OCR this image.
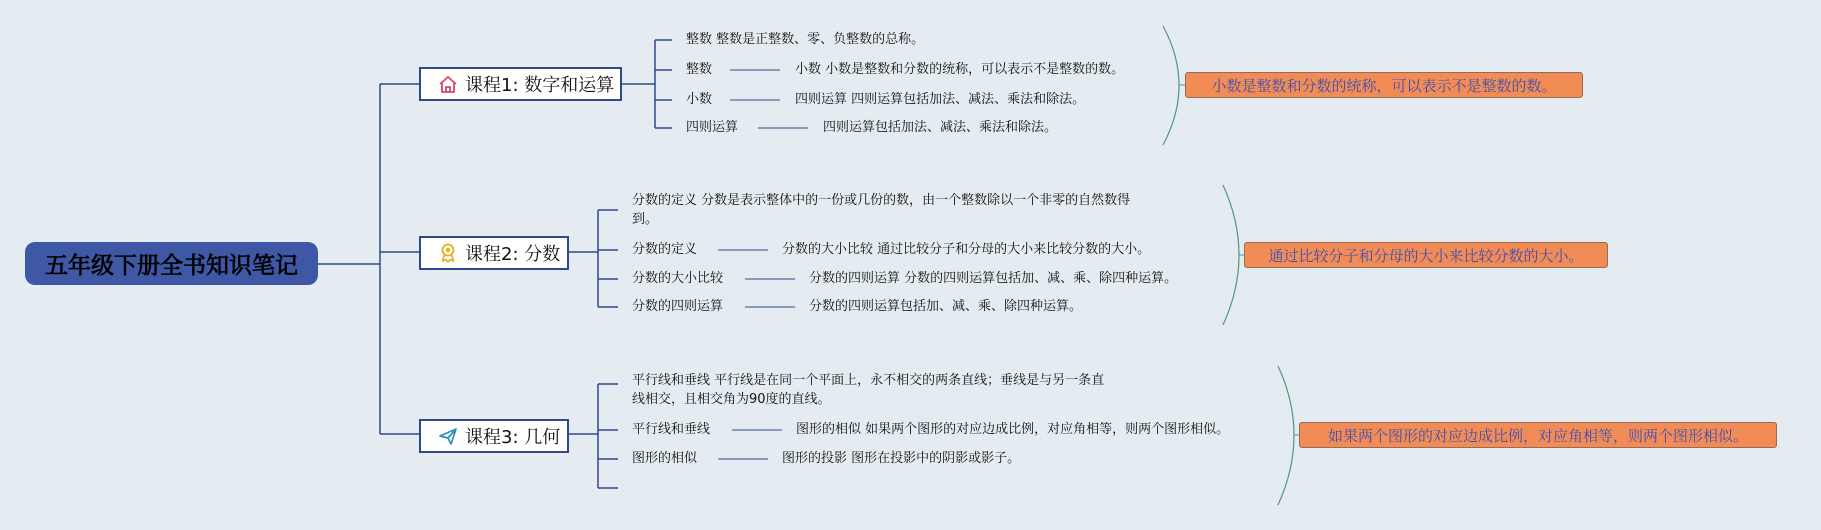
五年级下册全书知识笔记
课程1: 数字和运算
整数 整数是正整数、零、负整数的总称。
整数	小数 小数是整数和分数的统称，可以表示不是整数的数。
小数	四则运算 四则运算包括加法、减法、乘法和除法。
四则运算	四则运算包括加法、减法、乘法和除法。
小数是整数和分数的统称，可以表示不是整数的数。
课程2: 分数
分数的定义 分数是表示整体中的一份或几份的数，由一个整数除以一个非零的自然数得到。
分数的定义	分数的大小比较 通过比较分子和分母的大小来比较分数的大小。
分数的大小比较	分数的四则运算 分数的四则运算包括加、减、乘、除四种运算。
分数的四则运算	分数的四则运算包括加、减、乘、除四种运算。
通过比较分子和分母的大小来比较分数的大小。
课程3: 几何
平行线和垂线 平行线是在同一个平面上，永不相交的两条直线；垂线是与另一条直线相交，且相交角为90度的直线。
平行线和垂线	图形的相似 如果两个图形的对应边成比例，对应角相等，则两个图形相似。
图形的相似	图形的投影 图形在投影中的阴影或影子。
如果两个图形的对应边成比例，对应角相等，则两个图形相似。
